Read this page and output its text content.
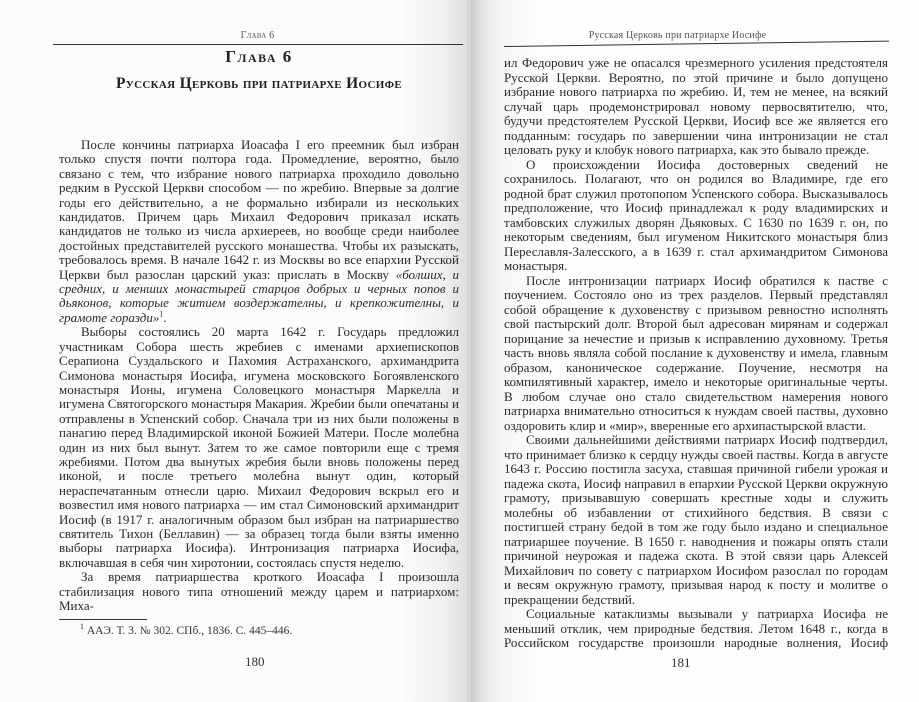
Глава 6
Глава 6
Русская Церковь при патриархе Иосифе

После кончины патриарха Иоасафа I его преемник был избран только спустя почти полтора года. Промедление, вероятно, было связано с тем, что избрание нового патриарха проходило довольно редким в Русской Церкви способом — по жребию. Впервые за долгие годы его действительно, а не формально избирали из нескольких кандидатов. Причем царь Михаил Федорович приказал искать кандидатов не только из числа архиереев, но вообще среди наиболее достойных представителей русского монашества. Чтобы их разыскать, требовалось время. В начале 1642 г. из Москвы во все епархии Русской Церкви был разослан царский указ: прислать в Москву «болших, и средних, и менших монастырей старцов добрых и черных попов и дьяконов, которые житием воздержателны, и крепкожителны, и грамоте горазди»$^1$.

Выборы состоялись 20 марта 1642 г. Государь предложил участникам Собора шесть жребиев с именами архиепископов Серапиона Суздальского и Пахомия Астраханского, архимандрита Симонова монастыря Иосифа, игумена московского Богоявленского монастыря Ионы, игумена Соловецкого монастыря Маркелла и игумена Святогорского монастыря Макария. Жребии были опечатаны и отправлены в Успенский собор. Сначала три из них были положены в панагию перед Владимирской иконой Божией Матери. После молебна один из них был вынут. Затем то же самое повторили еще с тремя жребиями. Потом два вынутых жребия были вновь положены перед иконой, и после третьего молебна вынут один, который нераспечатанным отнесли царю. Михаил Федорович вскрыл его и возвестил имя нового патриарха — им стал Симоновский архимандрит Иосиф (в 1917 г. аналогичным образом был избран на патриаршество святитель Тихон (Беллавин) — за образец тогда были взяты именно выборы патриарха Иосифа). Интронизация патриарха Иосифа, включавшая в себя чин хиротонии, состоялась спустя неделю.

За время патриаршества кроткого Иоасафа I произошла стабилизация нового типа отношений между царем и патриархом: Миха-

$^1$ ААЭ. Т. 3. № 302. СПб., 1836. С. 445–446.
180
Русская Церковь при патриархе Иосифе

ил Федорович уже не опасался чрезмерного усиления предстоятеля Русской Церкви. Вероятно, по этой причине и было допущено избрание нового патриарха по жребию. И, тем не менее, на всякий случай царь продемонстрировал новому первосвятителю, что, будучи предстоятелем Русской Церкви, Иосиф все же является его подданным: государь по завершении чина интронизации не стал целовать руку и клобук нового патриарха, как это бывало прежде.

О происхождении Иосифа достоверных сведений не сохранилось. Полагают, что он родился во Владимире, где его родной брат служил протопопом Успенского собора. Высказывалось предположение, что Иосиф принадлежал к роду владимирских и тамбовских служилых дворян Дьяковых. С 1630 по 1639 г. он, по некоторым сведениям, был игуменом Никитского монастыря близ Переславля-Залесского, а в 1639 г. стал архимандритом Симонова монастыря.

После интронизации патриарх Иосиф обратился к пастве с поучением. Состояло оно из трех разделов. Первый представлял собой обращение к духовенству с призывом ревностно исполнять свой пастырский долг. Второй был адресован мирянам и содержал порицание за нечестие и призыв к исправлению духовному. Третья часть вновь являла собой послание к духовенству и имела, главным образом, каноническое содержание. Поучение, несмотря на компилятивный характер, имело и некоторые оригинальные черты. В любом случае оно стало свидетельством намерения нового патриарха внимательно относиться к нуждам своей паствы, духовно оздоровить клир и «мир», вверенные его архипастырской власти.

Своими дальнейшими действиями патриарх Иосиф подтвердил, что принимает близко к сердцу нужды своей паствы. Когда в августе 1643 г. Россию постигла засуха, ставшая причиной гибели урожая и падежа скота, Иосиф направил в епархии Русской Церкви окружную грамоту, призывавшую совершать крестные ходы и служить молебны об избавлении от стихийного бедствия. В связи с постигшей страну бедой в том же году было издано и специальное патриаршее поучение. В 1650 г. наводнения и пожары опять стали причиной неурожая и падежа скота. В этой связи царь Алексей Михайлович по совету с патриархом Иосифом разослал по городам и весям окружную грамоту, призывая народ к посту и молитве о прекращении бедствий.

Социальные катаклизмы вызывали у патриарха Иосифа не меньший отклик, чем природные бедствия. Летом 1648 г., когда в Российском государстве произошли народные волнения, Иосиф

181
